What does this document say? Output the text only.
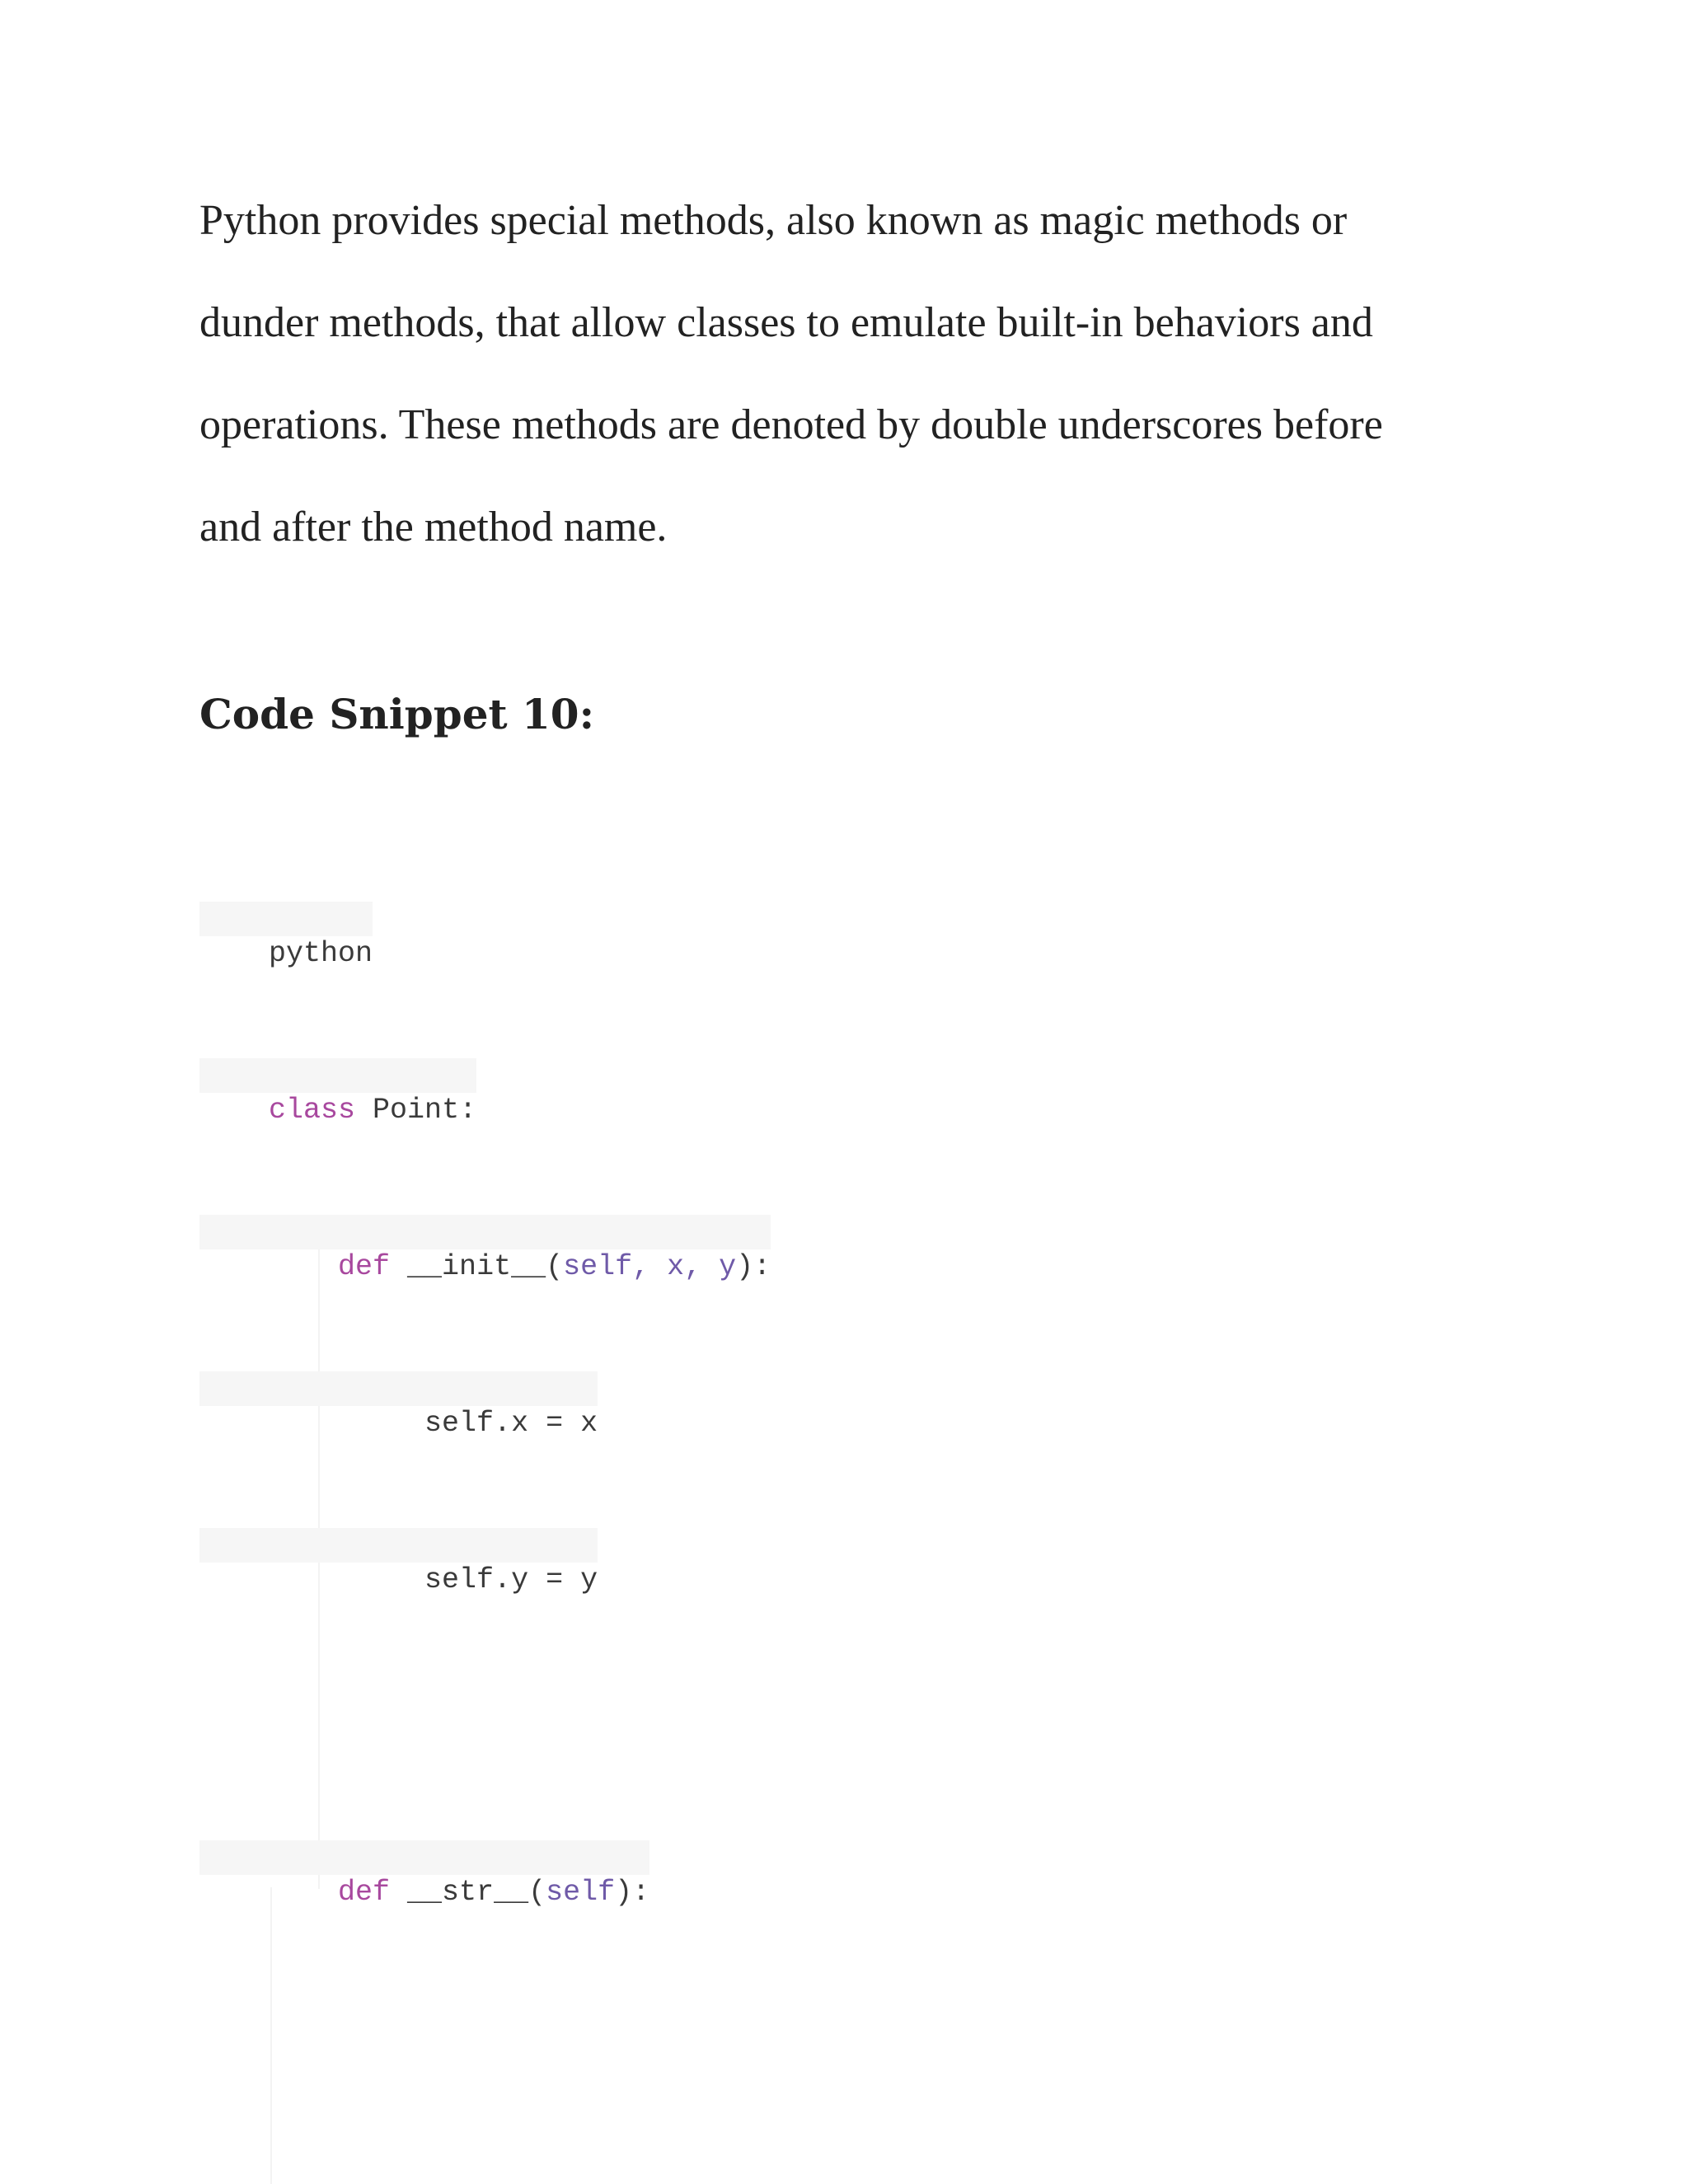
Python provides special methods, also known as magic methods or
dunder methods, that allow classes to emulate built-in behaviors and
operations. These methods are denoted by double underscores before
and after the method name.

Code Snippet 10:

python

class Point:

def __init__(self, x, y):

self.x = x

self.y = y

def __str__(self):
